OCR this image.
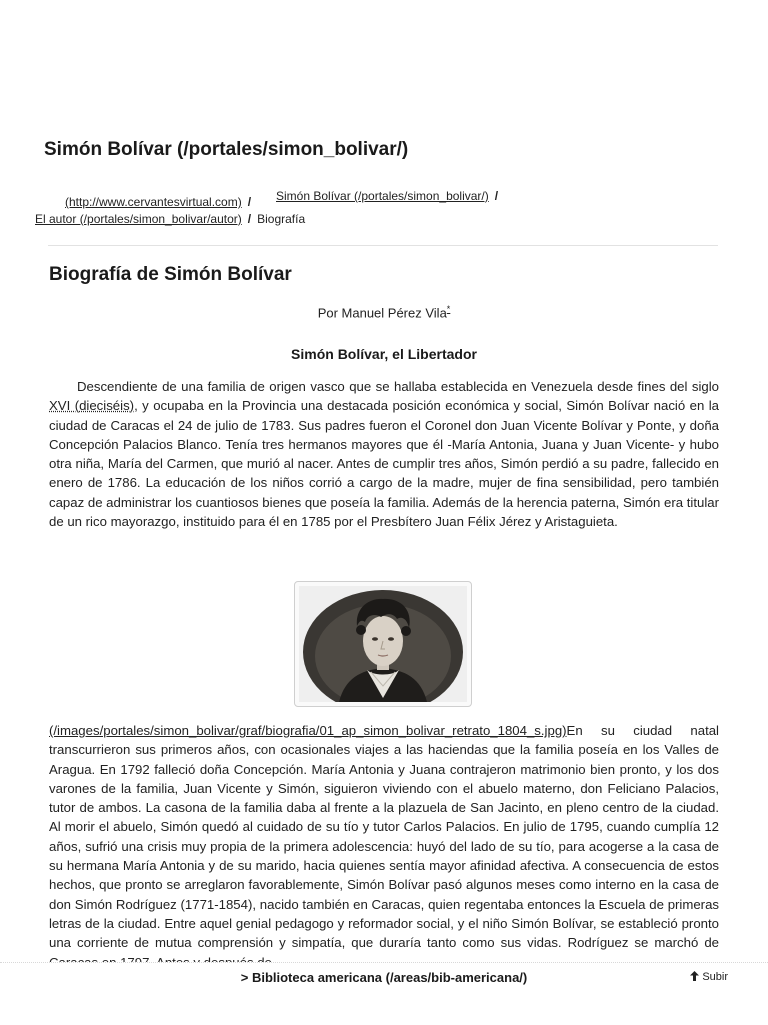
Simón Bolívar (/portales/simon_bolivar/)
(http://www.cervantesvirtual.com) /	Simón Bolívar (/portales/simon_bolivar/) /
El autor (/portales/simon_bolivar/autor) / Biografía
Biografía de Simón Bolívar
Por Manuel Pérez Vila*
Simón Bolívar, el Libertador

Descendiente de una familia de origen vasco que se hallaba establecida en Venezuela desde fines del siglo XVI (dieciséis), y ocupaba en la Provincia una destacada posición económica y social, Simón Bolívar nació en la ciudad de Caracas el 24 de julio de 1783. Sus padres fueron el Coronel don Juan Vicente Bolívar y Ponte, y doña Concepción Palacios Blanco. Tenía tres hermanos mayores que él -María Antonia, Juana y Juan Vicente- y hubo otra niña, María del Carmen, que murió al nacer. Antes de cumplir tres años, Simón perdió a su padre, fallecido en enero de 1786. La educación de los niños corrió a cargo de la madre, mujer de fina sensibilidad, pero también capaz de administrar los cuantiosos bienes que poseía la familia. Además de la herencia paterna, Simón era titular de un rico mayorazgo, instituido para él en 1785 por el Presbítero Juan Félix Jérez y Aristaguieta.

(/images/portales/simon_bolivar/graf/biografia/01_ap_simon_bolivar_retrato_1804_s.jpg)En su ciudad natal transcurrieron sus primeros años, con ocasionales viajes a las haciendas que la familia poseía en los Valles de Aragua. En 1792 falleció doña Concepción. María Antonia y Juana contrajeron matrimonio bien pronto, y los dos varones de la familia, Juan Vicente y Simón, siguieron viviendo con el abuelo materno, don Feliciano Palacios, tutor de ambos. La casona de la familia daba al frente a la plazuela de San Jacinto, en pleno centro de la ciudad. Al morir el abuelo, Simón quedó al cuidado de su tío y tutor Carlos Palacios. En julio de 1795, cuando cumplía 12 años, sufrió una crisis muy propia de la primera adolescencia: huyó del lado de su tío, para acogerse a la casa de su hermana María Antonia y de su marido, hacia quienes sentía mayor afinidad afectiva. A consecuencia de estos hechos, que pronto se arreglaron favorablemente, Simón Bolívar pasó algunos meses como interno en la casa de don Simón Rodríguez (1771-1854), nacido también en Caracas, quien regentaba entonces la Escuela de primeras letras de la ciudad. Entre aquel genial pedagogo y reformador social, y el niño Simón Bolívar, se estableció pronto una corriente de mutua comprensión y simpatía, que duraría tanto como sus vidas. Rodríguez se marchó de

> Biblioteca americana (/areas/bib-americana/)	Subir
